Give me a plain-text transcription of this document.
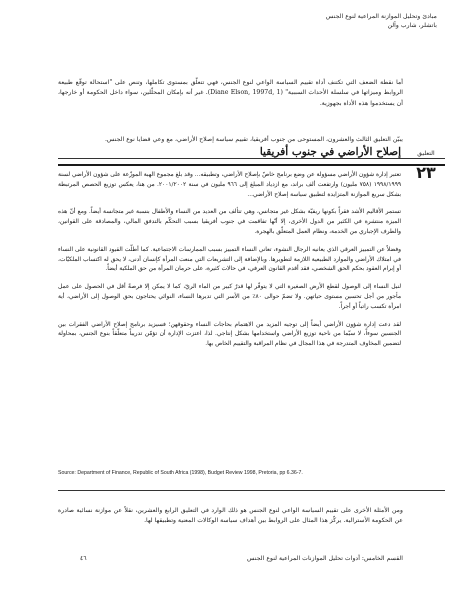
مبادئ وتحليل الموازنة المراعية لنوع الجنس
باتشلر، شارب وآلن

أما نقطة الضعف التي تكتنف أداة تقييم السياسة الواعي لنوع الجنس، فهي تتعلّق بمستوى تكاملها، وتنص على "استحالة توقّع طبيعة الروابط وميزاتها في سلسلة الأحداث السببية" (Diane Elson, 1997d, 1). غير أنه بإمكان المحلّلين، سواء داخل الحكومة أو خارجها، أن يستخدموا هذه الأداة بجهوزية.

يبيّن التعليق الثالث والعشرون، المستوحى من جنوب أفريقيا، تقييم سياسة إصلاح الأراضي، مع وعي قضايا نوع الجنس.

التعليق
٢٣
إصلاح الأراضي في جنوب أفريقيا

تعتبر إدارة شؤون الأراضي مسؤولة عن وضع برنامج خاصّ بإصلاح الأراضي، وتطبيقه... وقد بلغ مجموع الهبة الموزّعة على شؤون الأراضي لسنة ١٩٩٨/١٩٩٩ (٧٥٨ مليون) وارتفعت ألف براند، مع ازدياد المبلغ إلى ٩٦٦ مليون في سنة ٢٠٠١/٢٠٠٢. من هنا، يعكس توزيع الحصص المرتبطة بشكل سريع الموازنة المتزايدة لتطبيق سياسة إصلاح الأراضي...

تستمر الأقاليم الأشد فقراً بكونها ريفيّة بشكل غير متجانس، وهي تتألف من العديد من النساء والأطفال بنسبة غير متجانسة أيضاً. ومع أنّ هذه الميزة منتشرة في الكثير من الدول الأخرى، إلا أنّها تفاقمت في جنوب أفريقيا بسبب التحكّم بالتدفق المالي، والمصادقة على القوانين، والطرف الإجباري من الخدمة، ونظام العمل المتعلّق بالهجرة.

وفضلاً عن التمييز العرقي الذي يعانيه الرجال النشوء، تعاني النساء التمييز بسبب الممارسات الاجتماعية. كما أطلّت القيود القانونية على النساء في امتلاك الأراضي والموارد الطبيعية اللازمة لتطويرها. وبالإضافة إلى التشريعات التي منعت المرأة كإنسان أدنى، لا يحق له اكتساب الملكيّات، أو إبرام العقود بحكم الحق الشخصي، فقد أقدم القانون العرفي، في حالات كثيرة، على حرمان المرأة من حق الملكية أيضاً.

لنيل النساء إلى الوصول لقطع الأرض الصغيرة التي لا يتوفّر لها قدرٌ كبير من الماء الريّ، كما لا يمكن إلا فرصةً أقل في الحصول على عمل مأجور من أجل تحسين مستوى حياتهن. ولا تضمّ حوالى ٨٠٪ من الأسر التي تديرها النساء، النوائي يحتاجون بحق الوصول إلى الأراضي، أية امرأة تكسب راتباً أو أجراً.

لقد دعت إدارة شؤون الأراضي أيضاً إلى توجيه المزيد من الاهتمام بحاجات النساء وحقوقهن؛ فسيزيد برنامج إصلاح الأراضي الفقرات بين الجنسين سوءاً، لا سيّما من ناحية توزيع الأراضي واستخدامها بشكل إنتاجي. لذا، اعتزت الإدارة أن تؤمّن تدريباً متعلّقاً بنوع الجنس، بمحاولة لتضمين المخاوف المتدرجة في هذا المجال في نظام المراقبة والتقييم الخاص بها.

Source: Department of Finance, Republic of South Africa (1998), Budget Review 1998, Pretoria, pp 6.36-7.

ومن الأمثلة الأخرى على تقييم السياسة الواعي لنوع الجنس هو ذلك الوارد في التعليق الرابع والعشرين، نقلاً عن موازنة نسائية صادرة عن الحكومة الأسترالية. يركّز هذا المثال على الروابط بين أهداف سياسة الوكالات المعنية وتطبيقها لها.

القسم الخامس: أدوات تحليل الموازنات المراعية لنوع الجنس
٤٦
